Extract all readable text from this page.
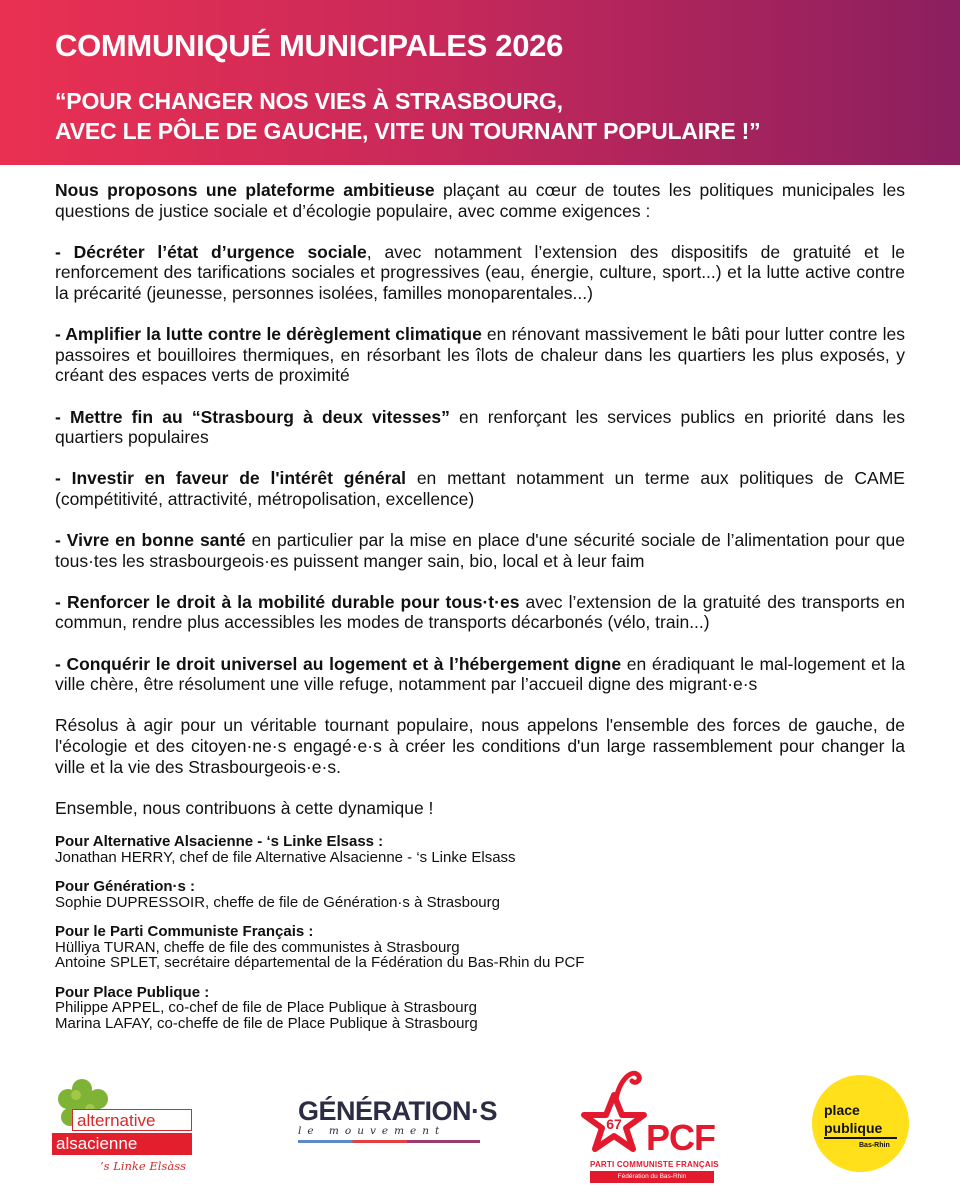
COMMUNIQUÉ MUNICIPALES 2026
“POUR CHANGER NOS VIES À STRASBOURG,
AVEC LE PÔLE DE GAUCHE, VITE UN TOURNANT POPULAIRE !”

Nous proposons une plateforme ambitieuse plaçant au cœur de toutes les politiques municipales les questions de justice sociale et d’écologie populaire, avec comme exigences :

- Décréter l’état d’urgence sociale, avec notamment l’extension des dispositifs de gratuité et le renforcement des tarifications sociales et progressives (eau, énergie, culture, sport...) et la lutte active contre la précarité (jeunesse, personnes isolées, familles monoparentales...)

- Amplifier la lutte contre le dérèglement climatique en rénovant massivement le bâti pour lutter contre les passoires et bouilloires thermiques, en résorbant les îlots de chaleur dans les quartiers les plus exposés, y créant des espaces verts de proximité

- Mettre fin au “Strasbourg à deux vitesses” en renforçant les services publics en priorité dans les quartiers populaires

- Investir en faveur de l'intérêt général en mettant notamment un terme aux politiques de CAME (compétitivité, attractivité, métropolisation, excellence)

- Vivre en bonne santé en particulier par la mise en place d'une sécurité sociale de l’alimentation pour que tous·tes les strasbourgeois·es puissent manger sain, bio, local et à leur faim

- Renforcer le droit à la mobilité durable pour tous·t·es avec l’extension de la gratuité des transports en commun, rendre plus accessibles les modes de transports décarbonés (vélo, train...)

- Conquérir le droit universel au logement et à l’hébergement digne en éradiquant le mal-logement et la ville chère, être résolument une ville refuge, notamment par l’accueil digne des migrant·e·s

Résolus à agir pour un véritable tournant populaire, nous appelons l'ensemble des forces de gauche, de l'écologie et des citoyen·ne·s engagé·e·s à créer les conditions d'un large rassemblement pour changer la ville et la vie des Strasbourgeois·e·s.

Ensemble, nous contribuons à cette dynamique !

Pour Alternative Alsacienne - ‘s Linke Elsass :
Jonathan HERRY, chef de file Alternative Alsacienne - ‘s Linke Elsass
Pour Génération·s :
Sophie DUPRESSOIR, cheffe de file de Génération·s à Strasbourg
Pour le Parti Communiste Français :
Hülliya TURAN, cheffe de file des communistes à Strasbourg
Antoine SPLET, secrétaire départemental de la Fédération du Bas-Rhin du PCF
Pour Place Publique :
Philippe APPEL, co-chef de file de Place Publique à Strasbourg
Marina LAFAY, co-cheffe de file de Place Publique à Strasbourg
alternative
alsacienne
’s Linke Elsàss
GÉNÉRATION·S
le mouvement	67 PCF
PARTI COMMUNISTE FRANÇAIS
Fédération du Bas-Rhin
place
publique
Bas-Rhin
